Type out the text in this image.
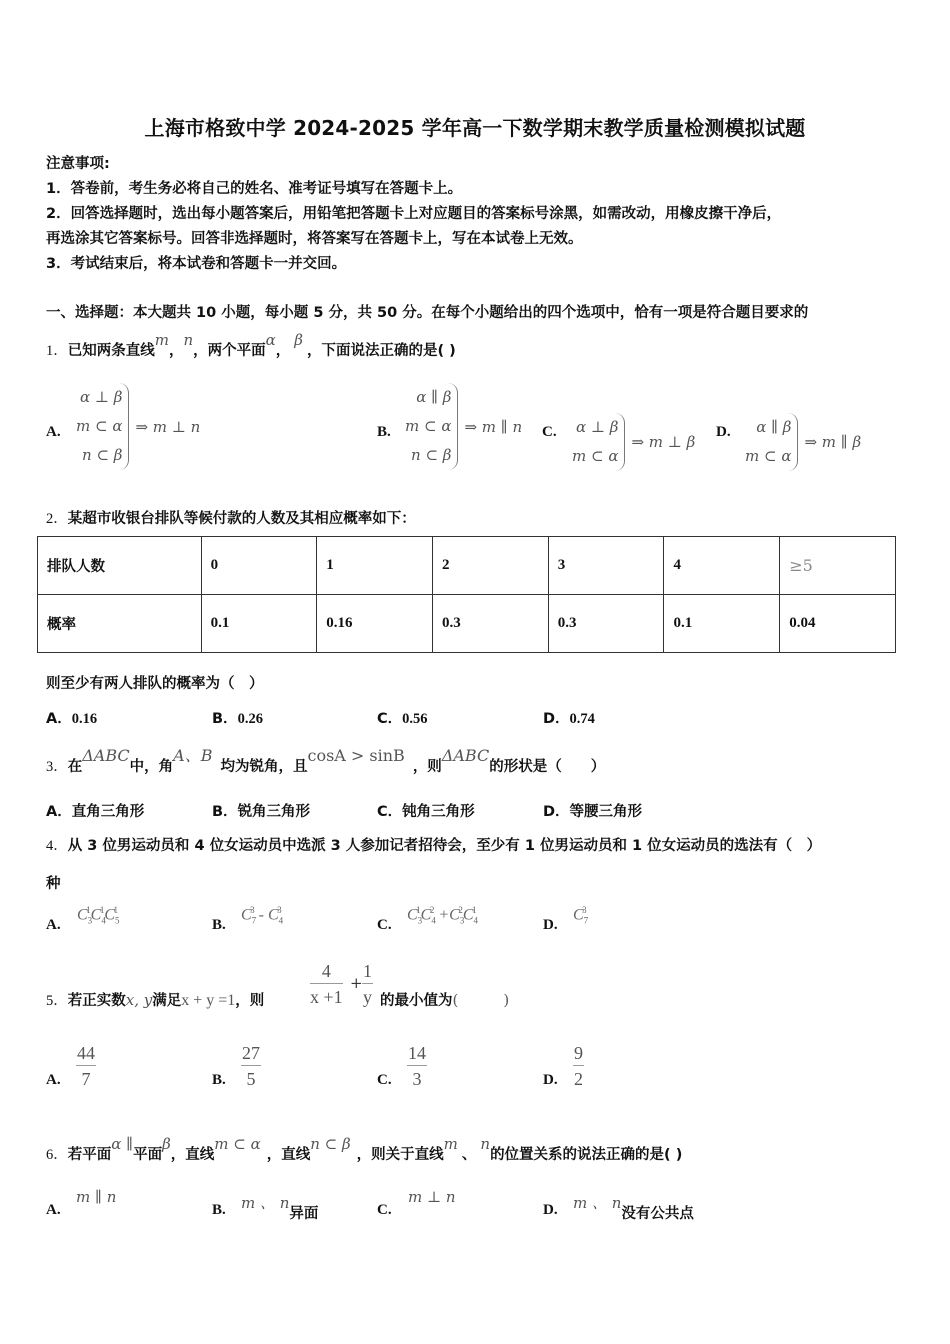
上海市格致中学 2024-2025 学年高一下数学期末教学质量检测模拟试题
注意事项:
1．答卷前，考生务必将自己的姓名、准考证号填写在答题卡上。
2．回答选择题时，选出每小题答案后，用铅笔把答题卡上对应题目的答案标号涂黑，如需改动，用橡皮擦干净后，
再选涂其它答案标号。回答非选择题时，将答案写在答题卡上，写在本试卷上无效。
3．考试结束后，将本试卷和答题卡一并交回。
一、选择题：本大题共 10 小题，每小题 5 分，共 50 分。在每个小题给出的四个选项中，恰有一项是符合题目要求的
1．已知两条直线m，n，两个平面α，β，下面说法正确的是( )
A.
α ⊥ β
m ⊂ α
n ⊂ β
⇒ m ⊥ n	B.
α ∥ β
m ⊂ α
n ⊂ β
⇒ m ∥ n C. α ⊥ β
m ⊂ α
⇒ m ⊥ β
D.	α ∥ β
m ⊂ α
⇒ m ∥ β
2．某超市收银台排队等候付款的人数及其相应概率如下：
排队人数	0	1	2	3	4	≥5
概率	0.1	0.16	0.3	0.3	0.1	0.04
则至少有两人排队的概率为（　）
A．0.16	B．0.26	C．0.56	D．0.74
3．在ΔABC中，角A、B均为锐角，且cosA > sinB，则ΔABC的形状是（　　）
A．直角三角形	B．锐角三角形	C．钝角三角形	D．等腰三角形
4．从 3 位男运动员和 4 位女运动员中选派 3 人参加记者招待会，至少有 1 位男运动员和 1 位女运动员的选法有（　）
种
A.
$C_3^1C_4^1C_5^1$
B.
$C_7^3 - C_4^3$
C.
$C_3^1C_4^2 +C_3^2C_4^1$
D.
$C_7^3$
5．若正实数x, y满足x + y =1，则	$\frac{4}{x +1} + \frac{1}{y}$ 的最小值为(　　　)
A. $\frac{44}{7}$	B. $\frac{27}{5}$	C. $\frac{14}{3}$	D. $\frac{9}{2}$
6．若平面α ∥平面β，直线m ⊂ α，直线n ⊂ β，则关于直线m、n的位置关系的说法正确的是( )
A.
m ∥ n
B. m 、 n异面	C.
m ⊥ n
D. m 、 n没有公共点
